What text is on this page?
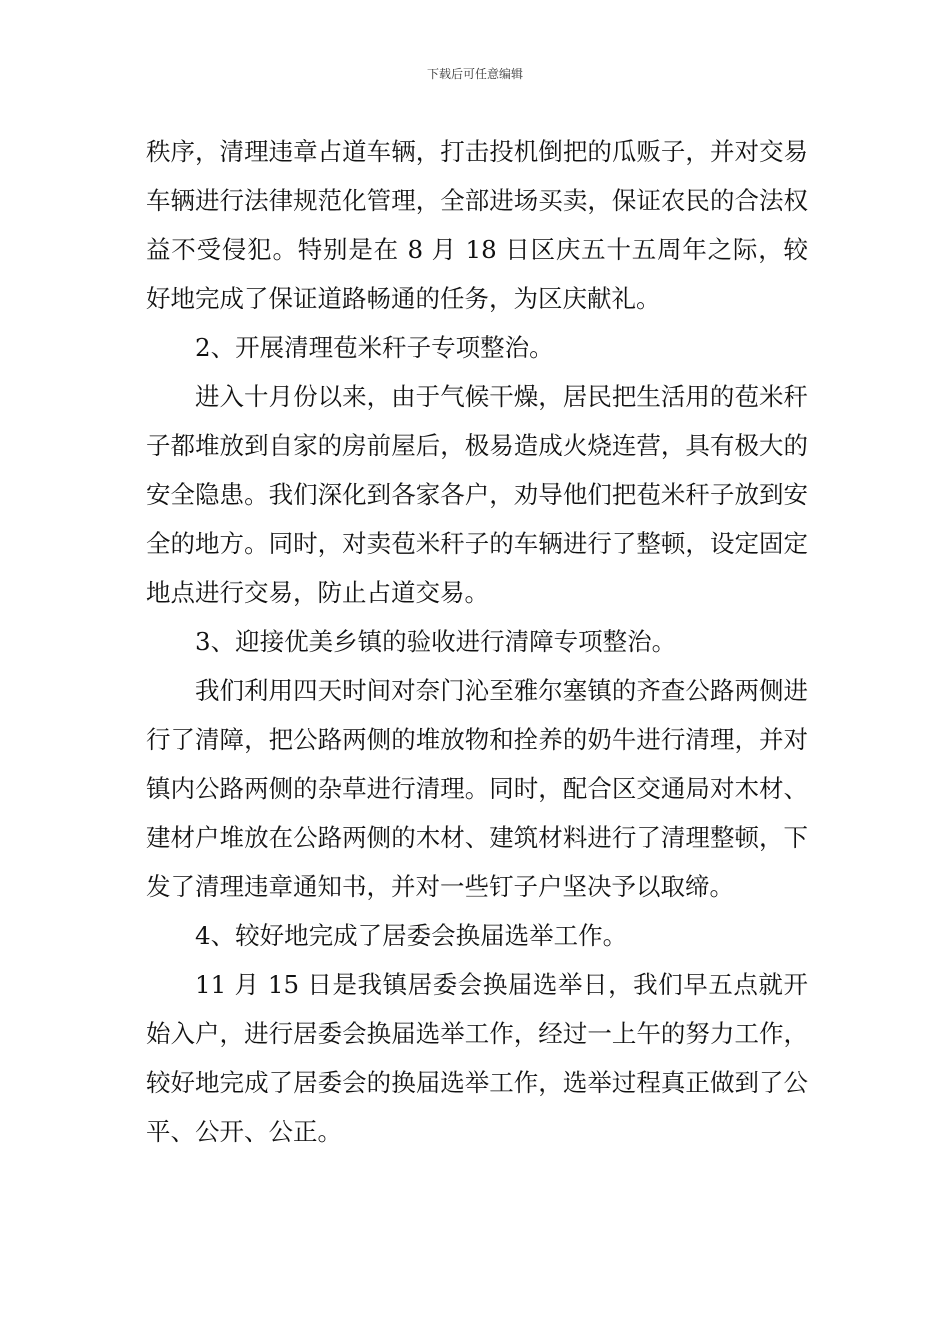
下载后可任意编辑

秩序，清理违章占道车辆，打击投机倒把的瓜贩子，并对交易车辆进行法律规范化管理，全部进场买卖，保证农民的合法权益不受侵犯。特别是在 8 月 18 日区庆五十五周年之际，较好地完成了保证道路畅通的任务，为区庆献礼。

2、开展清理苞米秆子专项整治。

进入十月份以来，由于气候干燥，居民把生活用的苞米秆子都堆放到自家的房前屋后，极易造成火烧连营，具有极大的安全隐患。我们深化到各家各户，劝导他们把苞米秆子放到安全的地方。同时，对卖苞米秆子的车辆进行了整顿，设定固定地点进行交易，防止占道交易。

3、迎接优美乡镇的验收进行清障专项整治。

我们利用四天时间对奈门沁至雅尔塞镇的齐查公路两侧进行了清障，把公路两侧的堆放物和拴养的奶牛进行清理，并对镇内公路两侧的杂草进行清理。同时，配合区交通局对木材、建材户堆放在公路两侧的木材、建筑材料进行了清理整顿，下发了清理违章通知书，并对一些钉子户坚决予以取缔。

4、较好地完成了居委会换届选举工作。

11 月 15 日是我镇居委会换届选举日，我们早五点就开始入户，进行居委会换届选举工作，经过一上午的努力工作，较好地完成了居委会的换届选举工作，选举过程真正做到了公平、公开、公正。
